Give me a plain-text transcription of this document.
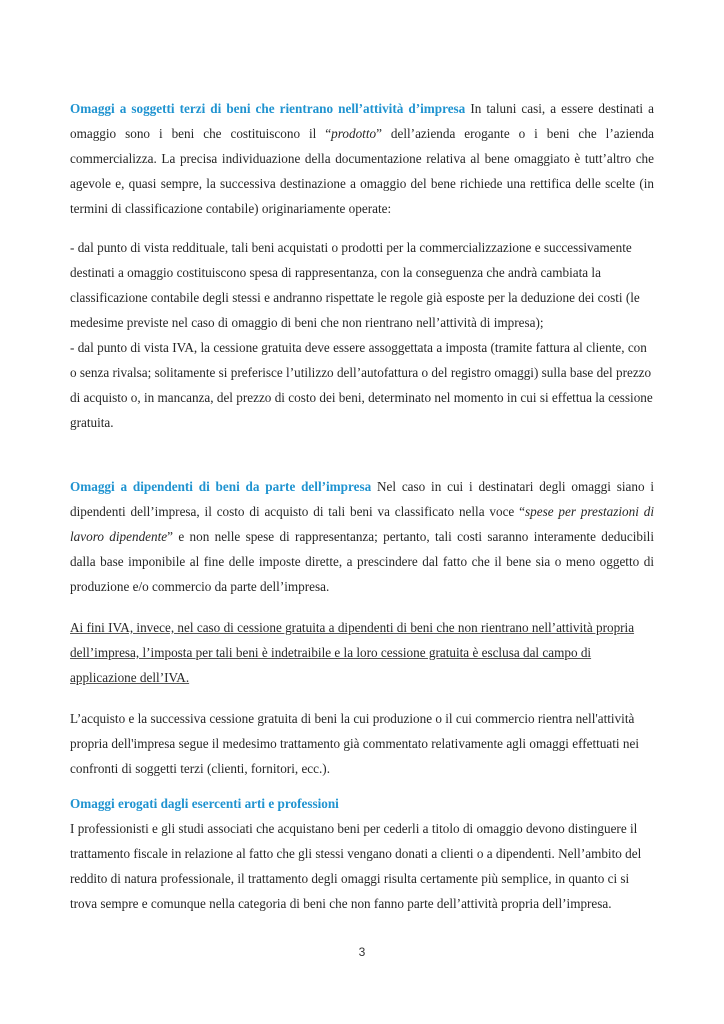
Omaggi a soggetti terzi di beni che rientrano nell’attività d’impresa In taluni casi, a essere destinati a omaggio sono i beni che costituiscono il “prodotto” dell’azienda erogante o i beni che l’azienda commercializza. La precisa individuazione della documentazione relativa al bene omaggiato è tutt’altro che agevole e, quasi sempre, la successiva destinazione a omaggio del bene richiede una rettifica delle scelte (in termini di classificazione contabile) originariamente operate:

- dal punto di vista reddituale, tali beni acquistati o prodotti per la commercializzazione e successivamente destinati a omaggio costituiscono spesa di rappresentanza, con la conseguenza che andrà cambiata la classificazione contabile degli stessi e andranno rispettate le regole già esposte per la deduzione dei costi (le medesime previste nel caso di omaggio di beni che non rientrano nell’attività di impresa);

- dal punto di vista IVA, la cessione gratuita deve essere assoggettata a imposta (tramite fattura al cliente, con o senza rivalsa; solitamente si preferisce l’utilizzo dell’autofattura o del registro omaggi) sulla base del prezzo di acquisto o, in mancanza, del prezzo di costo dei beni, determinato nel momento in cui si effettua la cessione gratuita.

Omaggi a dipendenti di beni da parte dell’impresa Nel caso in cui i destinatari degli omaggi siano i dipendenti dell’impresa, il costo di acquisto di tali beni va classificato nella voce “spese per prestazioni di lavoro dipendente” e non nelle spese di rappresentanza; pertanto, tali costi saranno interamente deducibili dalla base imponibile al fine delle imposte dirette, a prescindere dal fatto che il bene sia o meno oggetto di produzione e/o commercio da parte dell’impresa.

Ai fini IVA, invece, nel caso di cessione gratuita a dipendenti di beni che non rientrano nell’attività propria dell’impresa, l’imposta per tali beni è indetraibile e la loro cessione gratuita è esclusa dal campo di applicazione dell’IVA.

L’acquisto e la successiva cessione gratuita di beni la cui produzione o il cui commercio rientra nell'attività propria dell'impresa segue il medesimo trattamento già commentato relativamente agli omaggi effettuati nei confronti di soggetti terzi (clienti, fornitori, ecc.).

Omaggi erogati dagli esercenti arti e professioni

I professionisti e gli studi associati che acquistano beni per cederli a titolo di omaggio devono distinguere il trattamento fiscale in relazione al fatto che gli stessi vengano donati a clienti o a dipendenti. Nell’ambito del reddito di natura professionale, il trattamento degli omaggi risulta certamente più semplice, in quanto ci si trova sempre e comunque nella categoria di beni che non fanno parte dell’attività propria dell’impresa.

3
